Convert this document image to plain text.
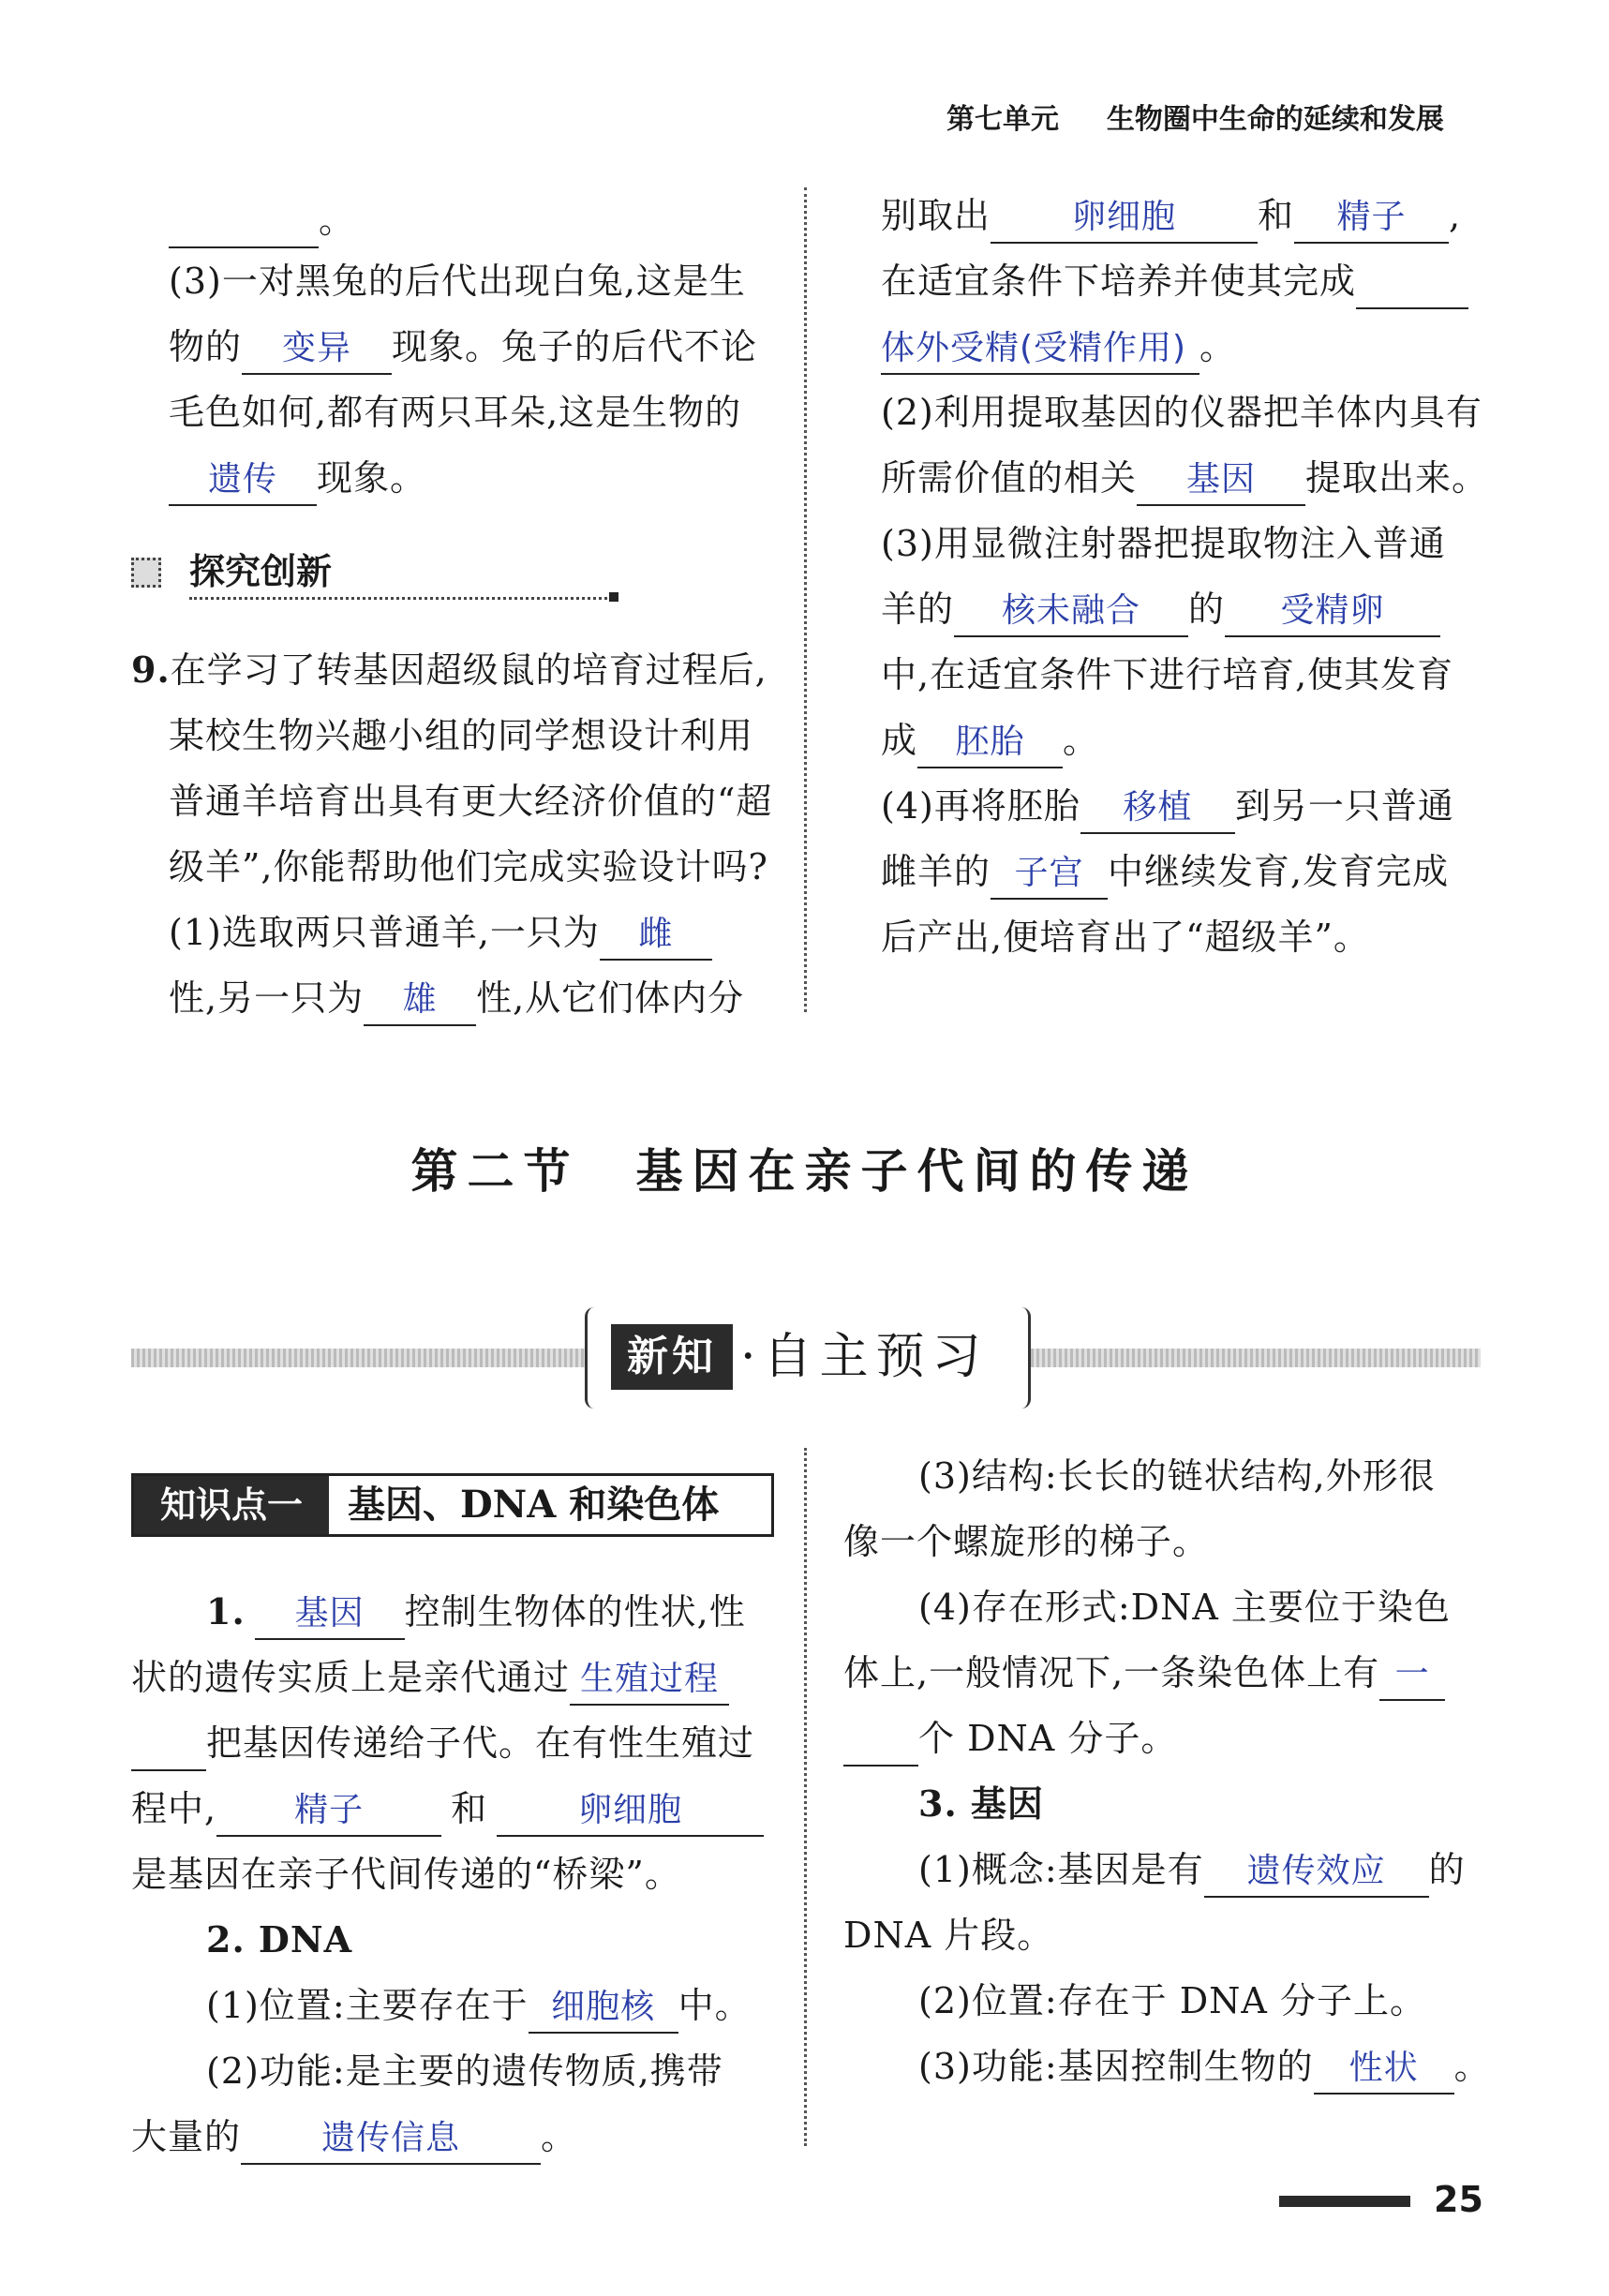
第七单元 生物圈中生命的延续和发展
。
(3)一对黑兔的后代出现白兔,这是生
物的	变异	现象。兔子的后代不论
毛色如何,都有两只耳朵,这是生物的
遗传	现象。
探究创新
9.在学习了转基因超级鼠的培育过程后,
某校生物兴趣小组的同学想设计利用
普通羊培育出具有更大经济价值的“超
级羊”,你能帮助他们完成实验设计吗?
(1)选取两只普通羊,一只为	雌
性,另一只为	雄	性,从它们体内分
别取出	卵细胞	和	精子	,
在适宜条件下培养并使其完成
体外受精(受精作用) 。
(2)利用提取基因的仪器把羊体内具有
所需价值的相关	基因	提取出来。
(3)用显微注射器把提取物注入普通
羊的	核未融合	的	受精卵
中,在适宜条件下进行培育,使其发育
成	胚胎	。
(4)再将胚胎	移植	到另一只普通
雌羊的 子宫 中继续发育,发育完成
后产出,便培育出了“超级羊”。
第二节　基因在亲子代间的传递
新知 ·自主预习
知识点一	基因、DNA 和染色体
1.	基因	控制生物体的性状,性
状的遗传实质上是亲代通过 生殖过程
把基因传递给子代。在有性生殖过
程中,	精子	和	卵细胞
是基因在亲子代间传递的“桥梁”。
2. DNA
(1)位置:主要存在于 细胞核 中。
(2)功能:是主要的遗传物质,携带
大量的	遗传信息	。
(3)结构:长长的链状结构,外形很
像一个螺旋形的梯子。
(4)存在形式:DNA 主要位于染色
体上,一般情况下,一条染色体上有 一
个 DNA 分子。
3. 基因
(1)概念:基因是有	遗传效应	的
DNA 片段。
(2)位置:存在于 DNA 分子上。
(3)功能:基因控制生物的	性状	。
25
